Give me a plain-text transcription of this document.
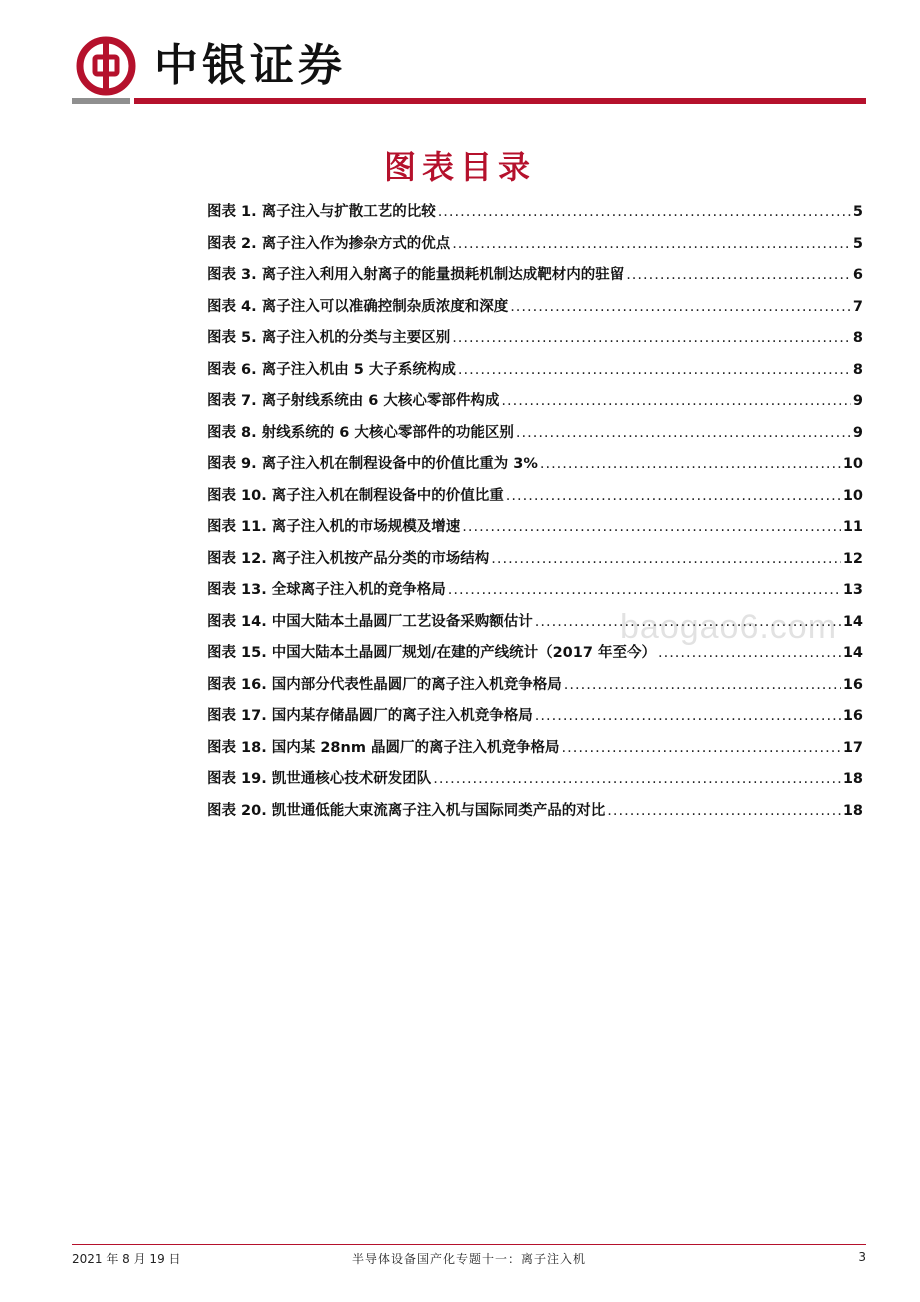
中银证券
图表目录
图表 1. 离子注入与扩散工艺的比较 .....	5
图表 2. 离子注入作为掺杂方式的优点 .....	5
图表 3. 离子注入利用入射离子的能量损耗机制达成靶材内的驻留 .....	6
图表 4. 离子注入可以准确控制杂质浓度和深度 .....	7
图表 5. 离子注入机的分类与主要区别 .....	8
图表 6. 离子注入机由 5 大子系统构成 .....	8
图表 7. 离子射线系统由 6 大核心零部件构成 .....	9
图表 8. 射线系统的 6 大核心零部件的功能区别 .....	9
图表 9. 离子注入机在制程设备中的价值比重为 3% .....	10
图表 10. 离子注入机在制程设备中的价值比重 .....	10
图表 11. 离子注入机的市场规模及增速 .....	11
图表 12. 离子注入机按产品分类的市场结构 .....	12
图表 13. 全球离子注入机的竞争格局 .....	13
图表 14. 中国大陆本土晶圆厂工艺设备采购额估计 .....	14
图表 15. 中国大陆本土晶圆厂规划/在建的产线统计（2017 年至今） .....	14
图表 16. 国内部分代表性晶圆厂的离子注入机竞争格局 .....	16
图表 17. 国内某存储晶圆厂的离子注入机竞争格局 .....	16
图表 18. 国内某 28nm 晶圆厂的离子注入机竞争格局 .....	17
图表 19. 凯世通核心技术研发团队 .....	18
图表 20. 凯世通低能大束流离子注入机与国际同类产品的对比 .....	18
baogao6.com
2021 年 8 月 19 日	半导体设备国产化专题十一：离子注入机	3
